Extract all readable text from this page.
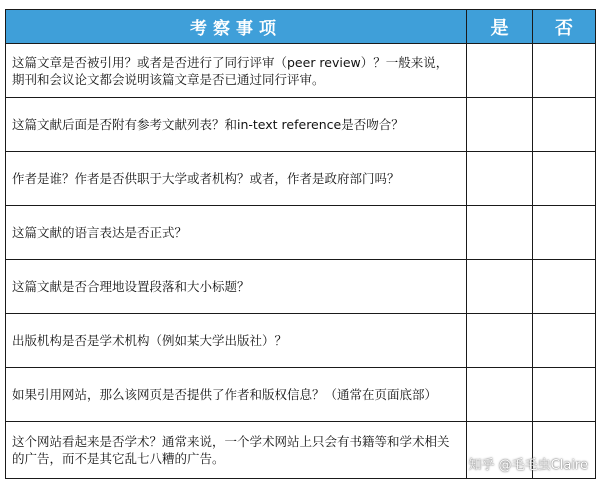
考察事项	是	否
这篇文章是否被引用？或者是否进行了同行评审（peer review）？一般来说，期刊和会议论文都会说明该篇文章是否已通过同行评审。		
这篇文献后面是否附有参考文献列表？和in-text reference是否吻合？		
作者是谁？作者是否供职于大学或者机构？或者，作者是政府部门吗？		
这篇文献的语言表达是否正式？		
这篇文献是否合理地设置段落和大小标题？		
出版机构是否是学术机构（例如某大学出版社）？		
如果引用网站，那么该网页是否提供了作者和版权信息？（通常在页面底部）		
这个网站看起来是否学术？通常来说，一个学术网站上只会有书籍等和学术相关的广告，而不是其它乱七八糟的广告。			知乎 @毛毛虫Claire
